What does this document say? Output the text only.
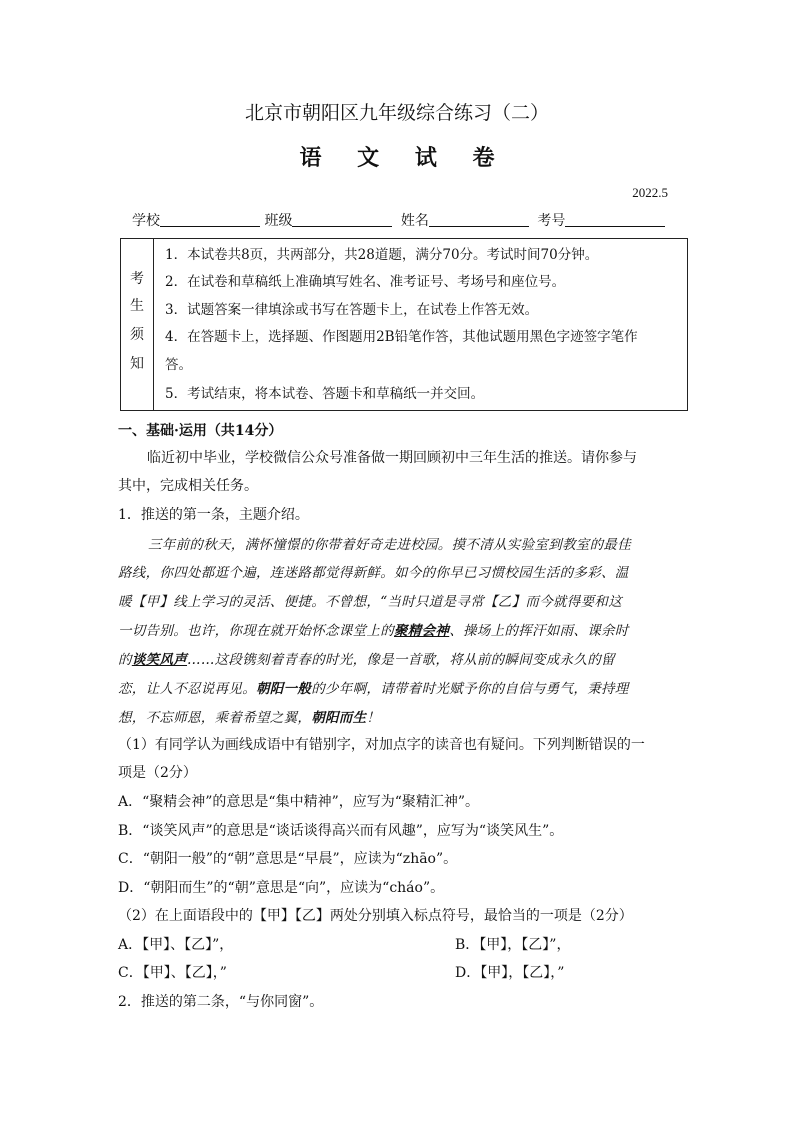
北京市朝阳区九年级综合练习（二）
语 文 试 卷
2022.5
学校	班级	姓名	考号
考
生
须
知
1．本试卷共8页，共两部分，共28道题，满分70分。考试时间70分钟。
2．在试卷和草稿纸上准确填写姓名、准考证号、考场号和座位号。
3．试题答案一律填涂或书写在答题卡上，在试卷上作答无效。
4．在答题卡上，选择题、作图题用2B铅笔作答，其他试题用黑色字迹签字笔作
答。
5．考试结束，将本试卷、答题卡和草稿纸一并交回。
一、基础·运用（共14分）
临近初中毕业，学校微信公众号准备做一期回顾初中三年生活的推送。请你参与
其中，完成相关任务。
1．推送的第一条，主题介绍。
三年前的秋天，满怀憧憬的你带着好奇走进校园。摸不清从实验室到教室的最佳
路线，你四处都逛个遍，连迷路都觉得新鲜。如今的你早已习惯校园生活的多彩、温
暖【甲】线上学习的灵活、便捷。不曾想，“当时只道是寻常【乙】而今就得要和这
一切告别。也许，你现在就开始怀念课堂上的聚精会神、操场上的挥汗如雨、课余时
的谈笑风声……这段镌刻着青春的时光，像是一首歌，将从前的瞬间变成永久的留
恋，让人不忍说再见。朝阳一般的少年啊，请带着时光赋予你的自信与勇气，秉持理
想，不忘师恩，乘着希望之翼，朝阳而生！
（1）有同学认为画线成语中有错别字，对加点字的读音也有疑问。下列判断错误的一
项是（2分）
A．“聚精会神”的意思是“集中精神”，应写为“聚精汇神”。
B．“谈笑风声”的意思是“谈话谈得高兴而有风趣”，应写为“谈笑风生”。
C．“朝阳一般”的“朝”意思是“早晨”，应读为“zhāo”。
D．“朝阳而生”的“朝”意思是“向”，应读为“cháo”。
（2）在上面语段中的【甲】【乙】两处分别填入标点符号，最恰当的一项是（2分）
A．【甲】、【乙】”，	B．【甲】，【乙】”，
C．【甲】、【乙】，”	D．【甲】，【乙】，”
2．推送的第二条，“与你同窗”。
